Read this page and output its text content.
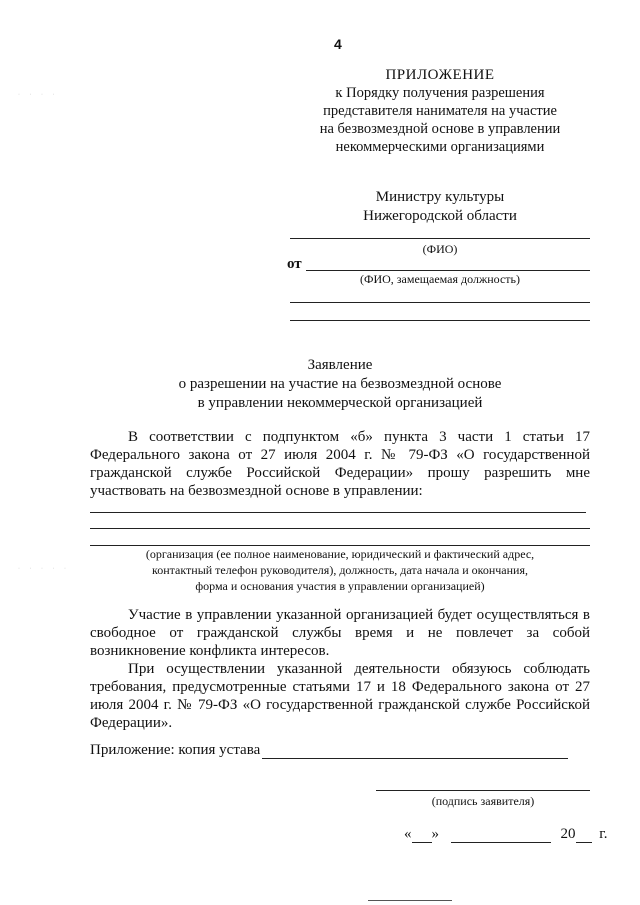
4
ПРИЛОЖЕНИЕ
к Порядку получения разрешения
представителя нанимателя на участие
на безвозмездной основе в управлении
некоммерческими организациями
Министру культуры
Нижегородской области
(ФИО)
от
(ФИО, замещаемая должность)
Заявление
о разрешении на участие на безвозмездной основе
в управлении некоммерческой организацией
В соответствии с подпунктом «б» пункта 3 части 1 статьи 17 Федерального закона от 27 июля 2004 г. № 79-ФЗ «О государственной гражданской службе Российской Федерации» прошу разрешить мне участвовать на безвозмездной основе в управлении:
(организация (ее полное наименование, юридический и фактический адрес,
контактный телефон руководителя), должность, дата начала и окончания,
форма и основания участия в управлении организацией)
Участие в управлении указанной организацией будет осуществляться в свободное от гражданской службы время и не повлечет за собой возникновение конфликта интересов.
При осуществлении указанной деятельности обязуюсь соблюдать требования, предусмотренные статьями 17 и 18 Федерального закона от 27 июля 2004 г. № 79-ФЗ «О государственной гражданской службе Российской Федерации».
Приложение: копия устава
(подпись заявителя)
« »	20 г.
· · · ·
· · · · ·
